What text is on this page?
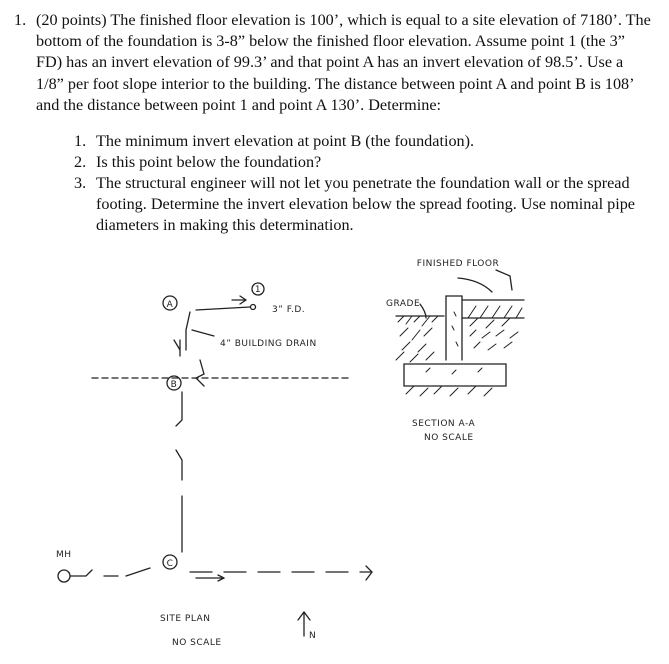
1. (20 points) The finished floor elevation is 100’, which is equal to a site elevation of 7180’. The bottom of the foundation is 3-8” below the finished floor elevation. Assume point 1 (the 3” FD) has an invert elevation of 99.3’ and that point A has an invert elevation of 98.5’. Use a 1/8” per foot slope interior to the building. The distance between point A and point B is 108’ and the distance between point 1 and point A 130’. Determine:
1. The minimum invert elevation at point B (the foundation).
2. Is this point below the foundation?
3. The structural engineer will not let you penetrate the foundation wall or the spread footing. Determine the invert elevation below the spread footing. Use nominal pipe diameters in making this determination.
1
A	3” F.D.
4” BUILDING DRAIN
B
C
MH
SITE PLAN
NO SCALE
N
FINISHED FLOOR
GRADE
SECTION A-A
NO SCALE
